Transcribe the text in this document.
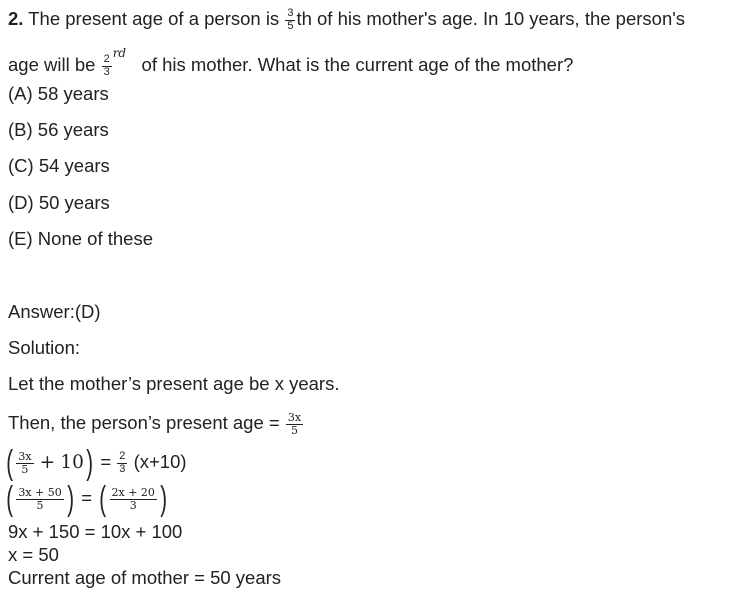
2. The present age of a person is $\frac{3}{5}$ th of his mother's age. In 10 years, the person's
age will be $\frac{2}{3}$
$^{rd}$   of his mother. What is the current age of the mother?
(A) 58 years
(B) 56 years
(C) 54 years
(D) 50 years
(E) None of these
Answer:(D)
Solution:
Let the mother’s present age be x years.
Then, the person’s present age = $\frac{3x}{5}$
( $\frac{3x}{5} + 10) = \frac{2}{3} (x+10)$
( $\frac{3x + 50}{5}$ ) = ( $\frac{2x + 20}{3}$ )
9x + 150 = 10x + 100
x = 50
Current age of mother = 50 years
